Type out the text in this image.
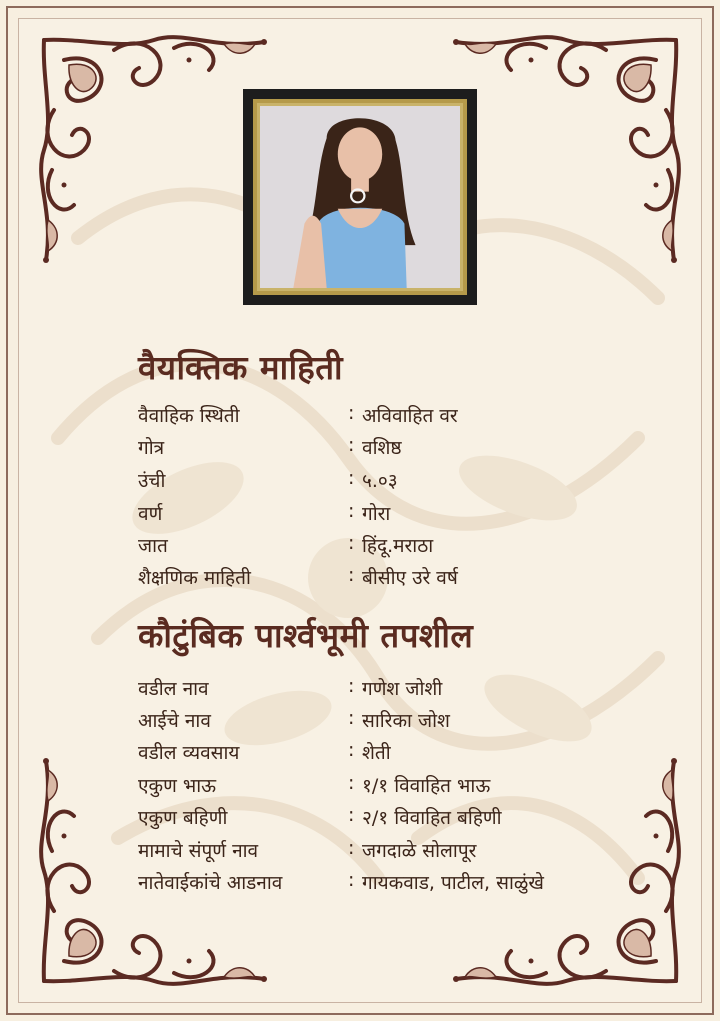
वैयक्तिक माहिती
वैवाहिक स्थिती	: अविवाहित वर
गोत्र	: वशिष्ठ
उंची	: ५.०३
वर्ण	: गोरा
जात	: हिंदू.मराठा
शैक्षणिक माहिती	: बीसीए उरे वर्ष
कौटुंबिक पार्श्वभूमी तपशील
वडील नाव	: गणेश जोशी
आईचे नाव	: सारिका जोश
वडील व्यवसाय	: शेती
एकुण भाऊ	: १/१ विवाहित भाऊ
एकुण बहिणी	: २/१ विवाहित बहिणी
मामाचे संपूर्ण नाव	: जगदाळे सोलापूर
नातेवाईकांचे आडनाव	: गायकवाड, पाटील, साळुंखे
